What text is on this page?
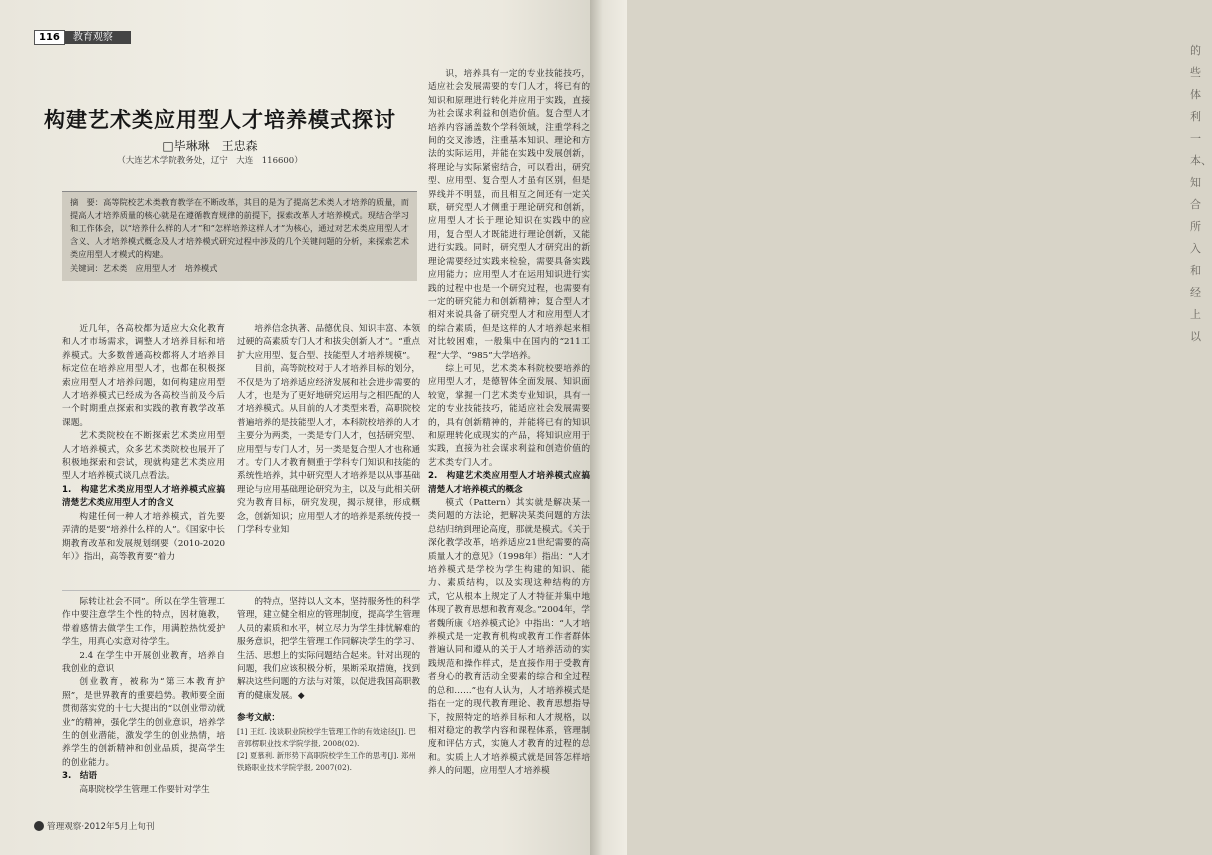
的些体利一本、知合所入和经上以
116	教育观察
构建艺术类应用型人才培养模式探讨
□毕琳琳　王忠森
（大连艺术学院教务处，辽宁　大连　116600）
摘　要：高等院校艺术类教育教学在不断改革，其目的是为了提高艺术类人才培养的质量，而提高人才培养质量的核心就是在遵循教育规律的前提下，探索改革人才培养模式。现结合学习和工作体会，以“培养什么样的人才”和“怎样培养这样人才”为核心，通过对艺术类应用型人才含义、人才培养模式概念及人才培养模式研究过程中涉及的几个关键问题的分析，来探索艺术类应用型人才模式的构建。
关键词：艺术类　应用型人才　培养模式

近几年，各高校都为适应大众化教育和人才市场需求，调整人才培养目标和培养模式。大多数普通高校都将人才培养目标定位在培养应用型人才，也都在积极探索应用型人才培养问题，如何构建应用型人才培养模式已经成为各高校当前及今后一个时期重点探索和实践的教育教学改革课题。

艺术类院校在不断探索艺术类应用型人才培养模式，众多艺术类院校也展开了积极地探索和尝试，现就构建艺术类应用型人才培养模式谈几点看法。

1.　构建艺术类应用型人才培养模式应搞清楚艺术类应用型人才的含义

构建任何一种人才培养模式，首先要弄清的是要“培养什么样的人”。《国家中长期教育改革和发展规划纲要（2010-2020年）》指出，高等教育要“着力

培养信念执著、品德优良、知识丰富、本领过硬的高素质专门人才和拔尖创新人才”。“重点扩大应用型、复合型、技能型人才培养规模”。

目前，高等院校对于人才培养目标的划分，不仅是为了培养适应经济发展和社会进步需要的人才，也是为了更好地研究运用与之相匹配的人才培养模式。从目前的人才类型来看，高职院校普遍培养的是技能型人才，本科院校培养的人才主要分为两类，一类是专门人才，包括研究型、应用型与专门人才，另一类是复合型人才也称通才。专门人才教育侧重于学科专门知识和技能的系统性培养，其中研究型人才培养是以从事基础理论与应用基础理论研究为主，以及与此相关研究为教育目标，研究发现，揭示规律，形成概念，创新知识；应用型人才的培养是系统传授一门学科专业知

识，培养具有一定的专业技能技巧，适应社会发展需要的专门人才，将已有的知识和原理进行转化并应用于实践，直接为社会谋求利益和创造价值。复合型人才培养内容涵盖数个学科领域，注重学科之间的交叉渗透，注重基本知识、理论和方法的实际运用，并能在实践中发展创新，将理论与实际紧密结合，可以看出，研究型、应用型、复合型人才虽有区别，但是界线并不明显，而且相互之间还有一定关联，研究型人才侧重于理论研究和创新，应用型人才长于理论知识在实践中的应用，复合型人才既能进行理论创新，又能进行实践。同时，研究型人才研究出的新理论需要经过实践来检验，需要具备实践应用能力；应用型人才在运用知识进行实践的过程中也是一个研究过程，也需要有一定的研究能力和创新精神；复合型人才相对来说具备了研究型人才和应用型人才的综合素质，但是这样的人才培养起来相对比较困难，一般集中在国内的“211工程”大学、“985”大学培养。

综上可见，艺术类本科院校要培养的应用型人才，是德智体全面发展、知识面较宽，掌握一门艺术类专业知识，具有一定的专业技能技巧，能适应社会发展需要的，具有创新精神的，并能将已有的知识和原理转化成现实的产品，将知识应用于实践，直接为社会谋求利益和创造价值的艺术类专门人才。

2.　构建艺术类应用型人才培养模式应搞清楚人才培养模式的概念

模式（Pattern）其实就是解决某一类问题的方法论，把解决某类问题的方法总结归纳到理论高度，那就是模式。《关于深化教学改革，培养适应21世纪需要的高质量人才的意见》（1998年）指出：“人才培养模式是学校为学生构建的知识、能力、素质结构，以及实现这种结构的方式，它从根本上规定了人才特征并集中地体现了教育思想和教育观念。”2004年，学者魏所康《培养模式论》中指出：“人才培养模式是一定教育机构或教育工作者群体普遍认同和遵从的关于人才培养活动的实践规范和操作样式，是直接作用于受教育者身心的教育活动全要素的综合和全过程的总和……”也有人认为，人才培养模式是指在一定的现代教育理论、教育思想指导下，按照特定的培养目标和人才规格，以相对稳定的教学内容和课程体系，管理制度和评估方式，实施人才教育的过程的总和。实质上人才培养模式就是回答怎样培养人的问题，应用型人才培养模

际转让社会不同”。所以在学生管理工作中要注意学生个性的特点，因材施教，带着感情去做学生工作，用满腔热忱爱护学生，用真心实意对待学生。

2.4 在学生中开展创业教育，培养自我创业的意识

创业教育，被称为“第三本教育护照”，是世界教育的重要趋势。教师要全面贯彻落实党的十七大提出的“以创业带动就业”的精神，强化学生的创业意识，培养学生的创业潜能，激发学生的创业热情，培养学生的创新精神和创业品质，提高学生的创业能力。

3.　结语

高职院校学生管理工作要针对学生

的特点，坚持以人文本，坚持服务性的科学管理，建立健全相应的管理制度，提高学生管理人员的素质和水平，树立尽力为学生排忧解难的服务意识，把学生管理工作同解决学生的学习、生活、思想上的实际问题结合起来。针对出现的问题，我们应该积极分析，果断采取措施，找到解决这些问题的方法与对策，以促进我国高职教育的健康发展。◆

参考文献：
[1] 王红. 浅谈职业院校学生管理工作的有效途径[J]. 巴音郭楞职业技术学院学报, 2008(02).
[2] 夏慕利. 新形势下高职院校学生工作的思考[J]. 郑州铁路职业技术学院学报, 2007(02).
管理观察·2012年5月上旬刊
